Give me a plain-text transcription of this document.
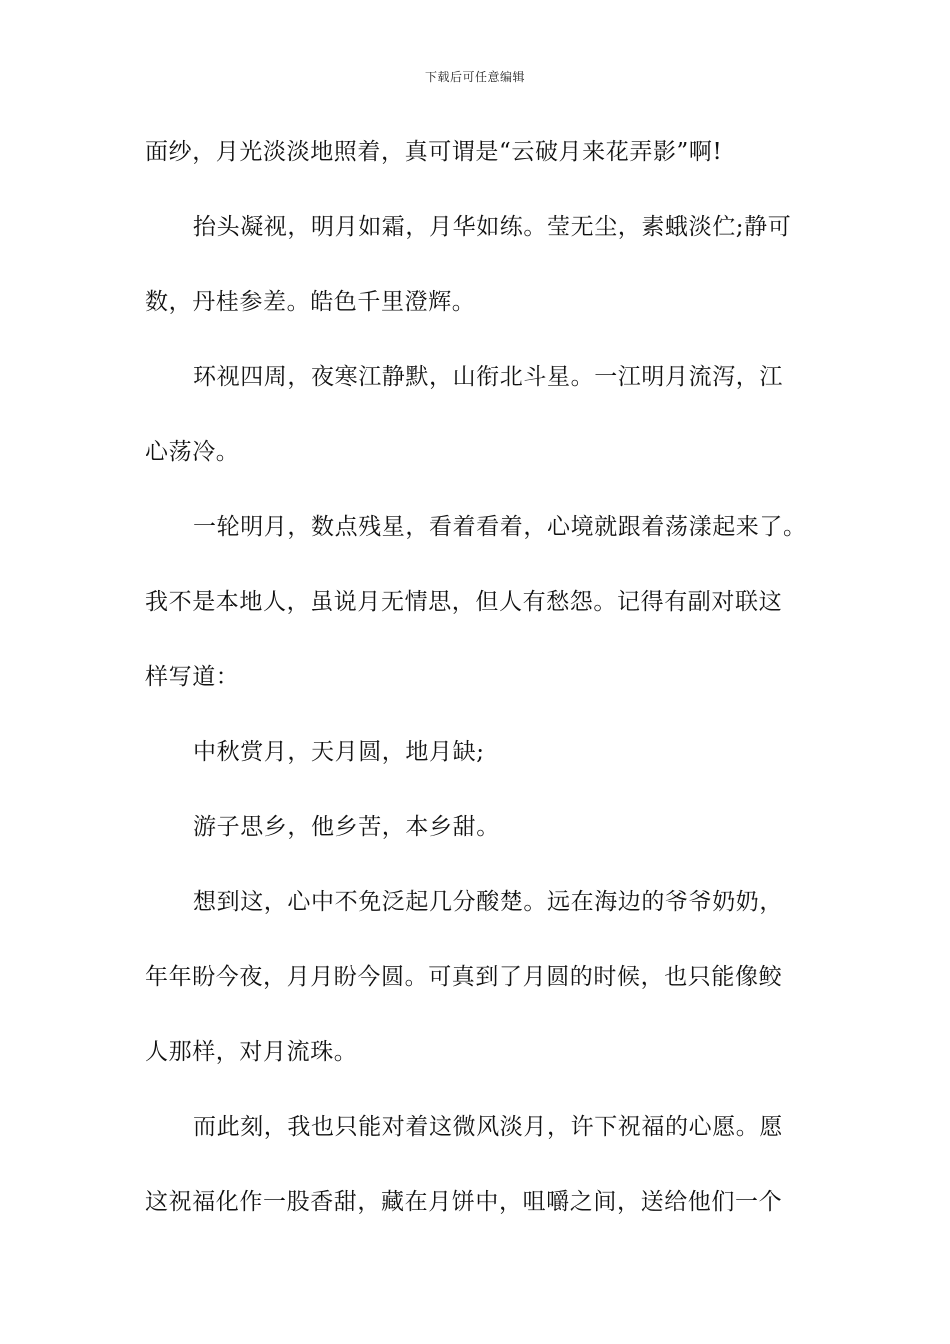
下载后可任意编辑
面纱，月光淡淡地照着，真可谓是“云破月来花弄影”啊!
抬头凝视，明月如霜，月华如练。莹无尘，素蛾淡伫;静可
数，丹桂参差。皓色千里澄辉。
环视四周，夜寒江静默，山衔北斗星。一江明月流泻，江
心荡冷。
一轮明月，数点残星，看着看着，心境就跟着荡漾起来了。
我不是本地人，虽说月无情思，但人有愁怨。记得有副对联这
样写道：
中秋赏月，天月圆，地月缺;
游子思乡，他乡苦，本乡甜。
想到这，心中不免泛起几分酸楚。远在海边的爷爷奶奶，
年年盼今夜，月月盼今圆。可真到了月圆的时候，也只能像鲛
人那样，对月流珠。
而此刻，我也只能对着这微风淡月，许下祝福的心愿。愿
这祝福化作一股香甜，藏在月饼中，咀嚼之间，送给他们一个
